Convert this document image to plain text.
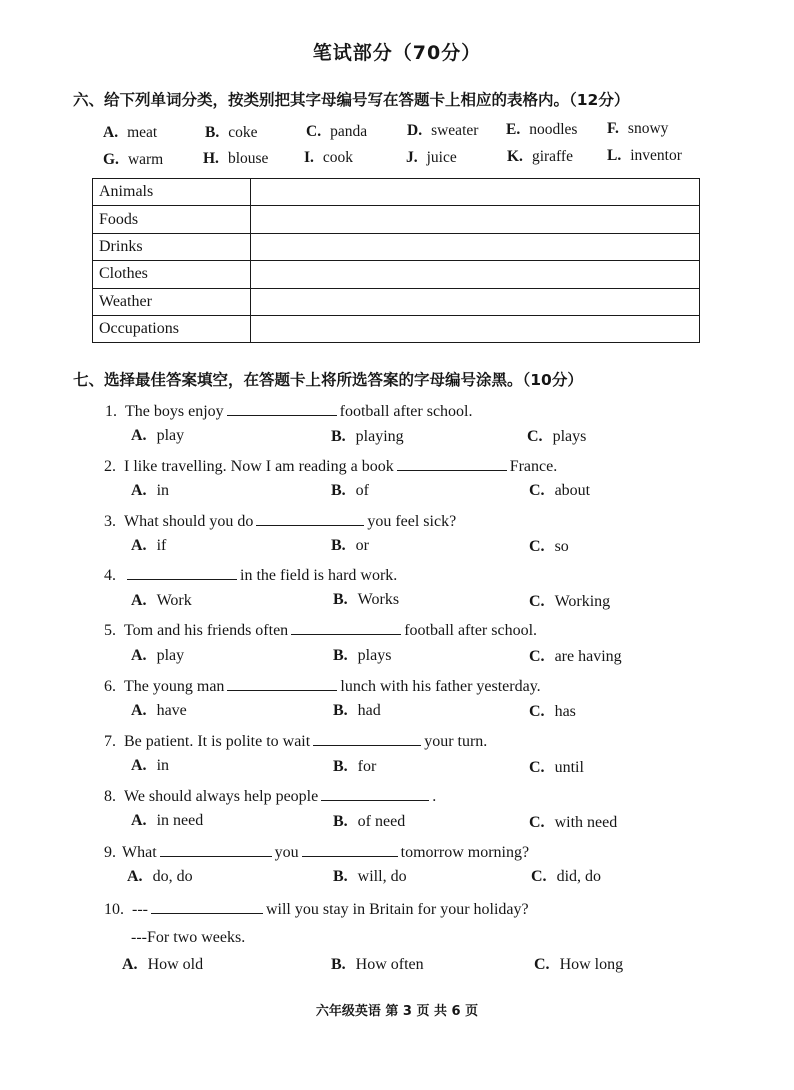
笔试部分（70分）
六、给下列单词分类，按类别把其字母编号写在答题卡上相应的表格内。（12分）
A. meat	B. coke	C. panda	D. sweater E. noodles F. snowy
G. warm	H. blouse I. cook	J. juice	K. giraffe L. inventor
Animals	
Foods	
Drinks	
Clothes	
Weather	
Occupations	
七、选择最佳答案填空，在答题卡上将所选答案的字母编号涂黑。（10分）
1. The boys enjoy	football after school.
A. play	B. playing	C. plays
2. I like travelling. Now I am reading a book	France.
A. in	B. of	C. about
3. What should you do	you feel sick?
A. if	B. or	C. so
4.	in the field is hard work.
A. Work	B. Works	C. Working
5. Tom and his friends often	football after school.
A. play	B. plays	C. are having
6. The young man	lunch with his father yesterday.
A. have	B. had	C. has
7. Be patient. It is polite to wait	your turn.
A. in	B. for	C. until
8. We should always help people	.
A. in need	B. of need	C. with need
9. What	you	tomorrow morning?
A. do, do	B. will, do	C. did, do
10. ---	will you stay in Britain for your holiday?
---For two weeks.
A. How old	B. How often	C. How long
六年级英语 第 3 页 共 6 页
